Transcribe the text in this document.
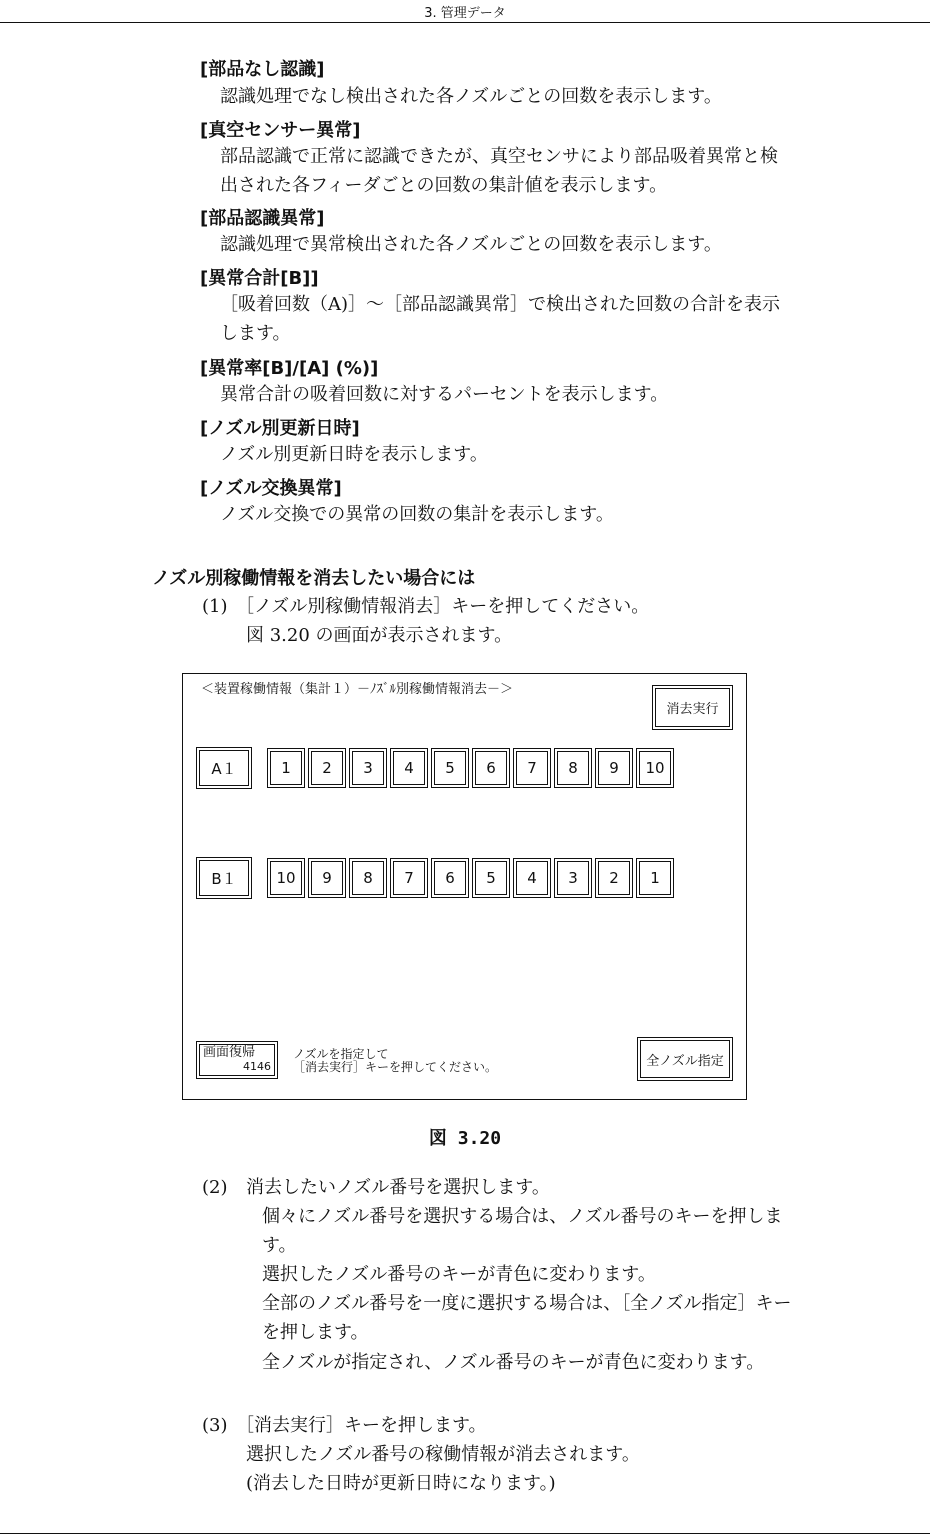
3. 管理データ
[部品なし認識]
認識処理でなし検出された各ノズルごとの回数を表示します。
[真空センサー異常]
部品認識で正常に認識できたが、真空センサにより部品吸着異常と検
出された各フィーダごとの回数の集計値を表示します。
[部品認識異常]
認識処理で異常検出された各ノズルごとの回数を表示します。
[異常合計[B]]
［吸着回数（A)］～［部品認識異常］で検出された回数の合計を表示
します。
[異常率[B]/[A] (%)]
異常合計の吸着回数に対するパーセントを表示します。
[ノズル別更新日時]
ノズル別更新日時を表示します。
[ノズル交換異常]
ノズル交換での異常の回数の集計を表示します。
ノズル別稼働情報を消去したい場合には
(1) ［ノズル別稼働情報消去］キーを押してください。
図 3.20 の画面が表示されます。
＜装置稼働情報（集計１）－ﾉｽﾞﾙ別稼働情報消去－＞
消去実行
A１	1	2	3	4	5	6	7	8	9	10
B１	10	9	8	7	6	5	4	3	2	1
画面復帰
4146
ノズルを指定して
［消去実行］キーを押してください。	全ノズル指定
図 3.20
(2) 消去したいノズル番号を選択します。
個々にノズル番号を選択する場合は、ノズル番号のキーを押しま
す。
選択したノズル番号のキーが青色に変わります。
全部のノズル番号を一度に選択する場合は、［全ノズル指定］キー
を押します。
全ノズルが指定され、ノズル番号のキーが青色に変わります。
(3) ［消去実行］キーを押します。
選択したノズル番号の稼働情報が消去されます。
(消去した日時が更新日時になります。)
